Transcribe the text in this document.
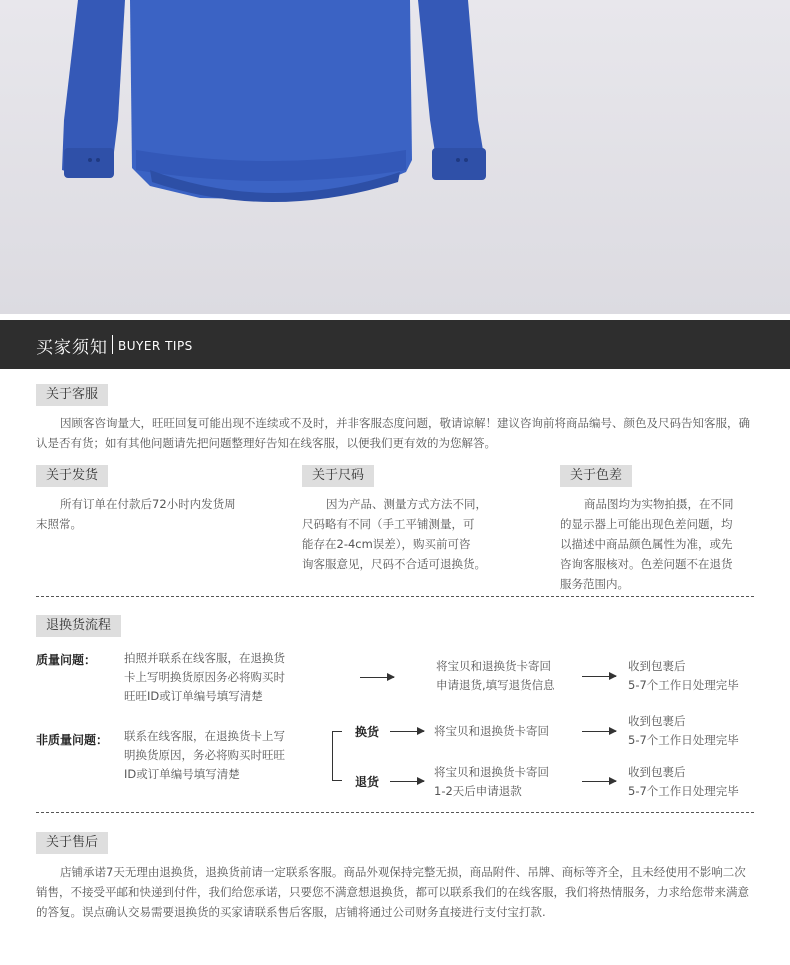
买家须知 BUYER TIPS
关于客服
因顾客咨询量大，旺旺回复可能出现不连续或不及时，并非客服态度问题，敬请谅解！建议咨询前将商品编号、颜色及尺码告知客服，确认是否有货；如有其他问题请先把问题整理好告知在线客服，以便我们更有效的为您解答。
关于发货
所有订单在付款后72小时内发货周末照常。
关于尺码
因为产品、测量方式方法不同，
尺码略有不同（手工平铺测量，可
能存在2-4cm误差），购买前可咨
询客服意见，尺码不合适可退换货。
关于色差
商品图均为实物拍摄，在不同
的显示器上可能出现色差问题，均
以描述中商品颜色属性为准，或先
咨询客服核对。色差问题不在退货
服务范围内。
退换货流程
质量问题： 拍照并联系在线客服，在退换货
卡上写明换货原因务必将购买时
旺旺ID或订单编号填写清楚
将宝贝和退换货卡寄回
申请退货,填写退货信息
收到包裹后
5-7个工作日处理完毕
非质量问题： 联系在线客服，在退换货卡上写
明换货原因，务必将购买时旺旺
ID或订单编号填写清楚
换货	将宝贝和退换货卡寄回
收到包裹后
5-7个工作日处理完毕
退货
将宝贝和退换货卡寄回
1-2天后申请退款
收到包裹后
5-7个工作日处理完毕
关于售后
店铺承诺7天无理由退换货，退换货前请一定联系客服。商品外观保持完整无损，商品附件、吊牌、商标等齐全，且未经使用不影响二次销售，不接受平邮和快递到付件，我们给您承诺，只要您不满意想退换货，都可以联系我们的在线客服，我们将热情服务，力求给您带来满意的答复。误点确认交易需要退换货的买家请联系售后客服，店铺将通过公司财务直接进行支付宝打款.
